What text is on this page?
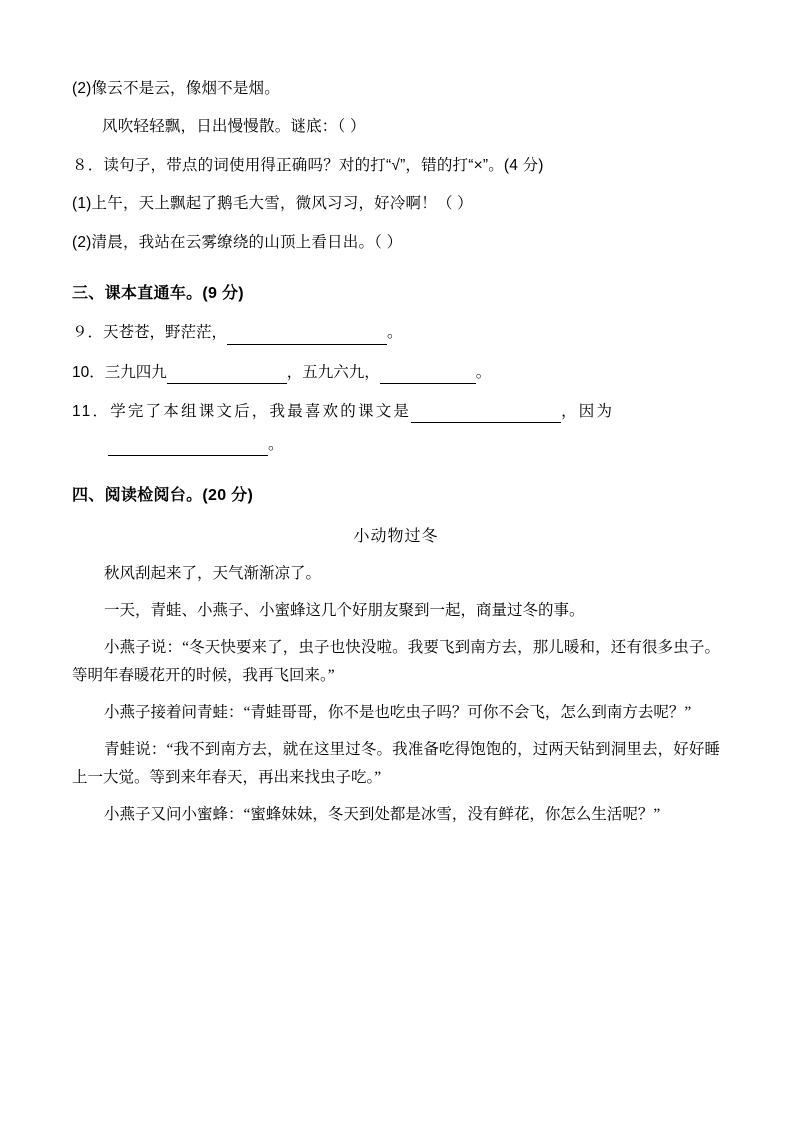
(2)像云不是云，像烟不是烟。

风吹轻轻飘，日出慢慢散。谜底：（ ）

８．读句子，带点的词使用得正确吗？对的打“√”，错的打“×”。(4 分)

(1)上午，天上飘起了鹅毛大雪，微风习习，好冷啊！（ ）

(2)清晨，我站在云雾缭绕的山顶上看日出。（ ）

三、课本直通车。(9 分)

９．天苍苍，野茫茫，	。

10．三九四九	，五九六九，	。

11．学完了本组课文后，我最喜欢的课文是	，因为

。

四、阅读检阅台。(20 分)

小动物过冬

秋风刮起来了，天气渐渐凉了。

一天，青蛙、小燕子、小蜜蜂这几个好朋友聚到一起，商量过冬的事。

小燕子说：“冬天快要来了，虫子也快没啦。我要飞到南方去，那儿暖和，还有很多虫子。等明年春暖花开的时候，我再飞回来。”

小燕子接着问青蛙：“青蛙哥哥，你不是也吃虫子吗？可你不会飞，怎么到南方去呢？”

青蛙说：“我不到南方去，就在这里过冬。我准备吃得饱饱的，过两天钻到洞里去，好好睡上一大觉。等到来年春天，再出来找虫子吃。”

小燕子又问小蜜蜂：“蜜蜂妹妹，冬天到处都是冰雪，没有鲜花，你怎么生活呢？”
